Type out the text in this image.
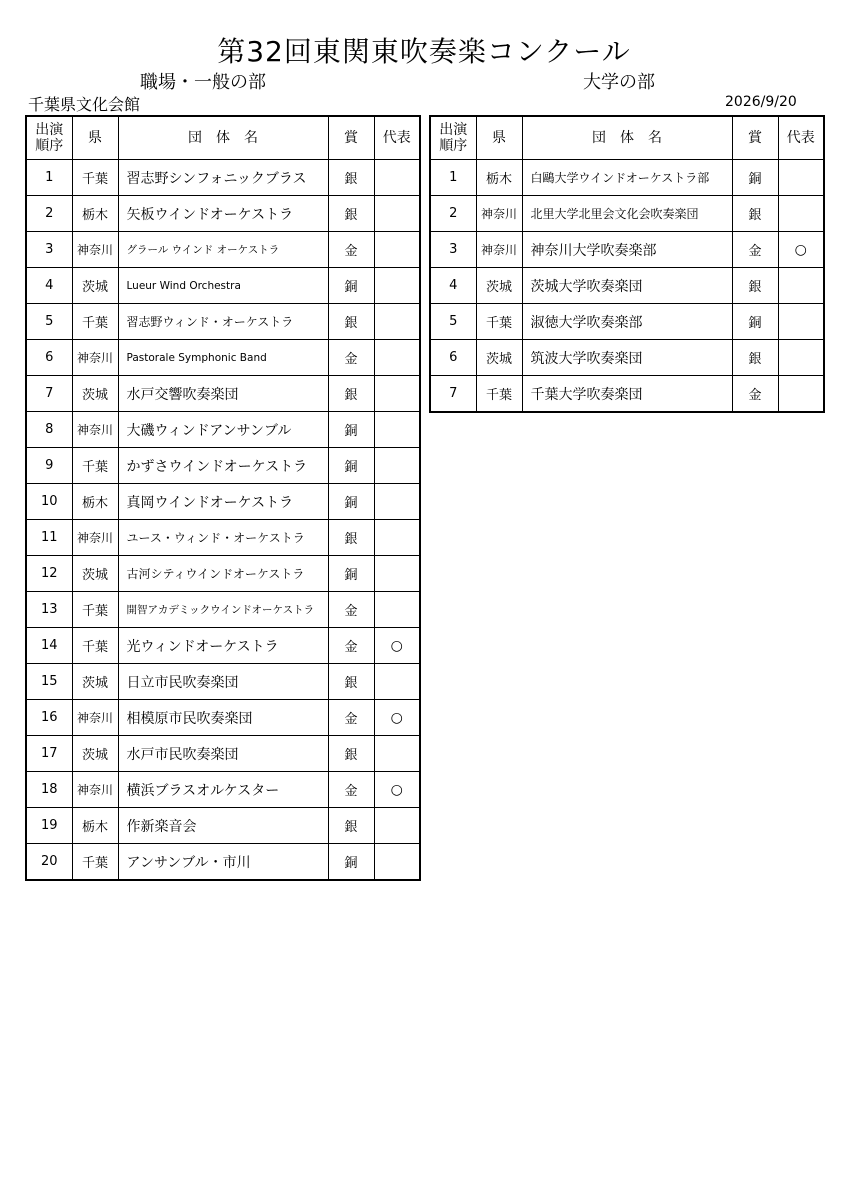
第32回東関東吹奏楽コンクール
職場・一般の部	大学の部
千葉県文化会館	2026/9/20
出演
順序	県	団　体　名	賞	代表
1	千葉	習志野シンフォニックブラス	銀	
2	栃木	矢板ウインドオーケストラ	銀	
3	神奈川	グラール ウインド オーケストラ	金	
4	茨城	Lueur Wind Orchestra	銅	
5	千葉	習志野ウィンド・オーケストラ	銀	
6	神奈川	Pastorale Symphonic Band	金	
7	茨城	水戸交響吹奏楽団	銀	
8	神奈川	大磯ウィンドアンサンブル	銅	
9	千葉	かずさウインドオーケストラ	銅	
10	栃木	真岡ウインドオーケストラ	銅	
11	神奈川	ユース・ウィンド・オーケストラ	銀	
12	茨城	古河シティウインドオーケストラ	銅	
13	千葉	開智アカデミックウインドオーケストラ	金	
14	千葉	光ウィンドオーケストラ	金	○
15	茨城	日立市民吹奏楽団	銀	
16	神奈川	相模原市民吹奏楽団	金	○
17	茨城	水戸市民吹奏楽団	銀	
18	神奈川	横浜ブラスオルケスター	金	○
19	栃木	作新楽音会	銀	
20	千葉	アンサンブル・市川	銅	
出演
順序	県	団　体　名	賞	代表
1	栃木	白鷗大学ウインドオーケストラ部	銅	
2	神奈川	北里大学北里会文化会吹奏楽団	銀	
3	神奈川	神奈川大学吹奏楽部	金	○
4	茨城	茨城大学吹奏楽団	銀	
5	千葉	淑徳大学吹奏楽部	銅	
6	茨城	筑波大学吹奏楽団	銀	
7	千葉	千葉大学吹奏楽団	金	
